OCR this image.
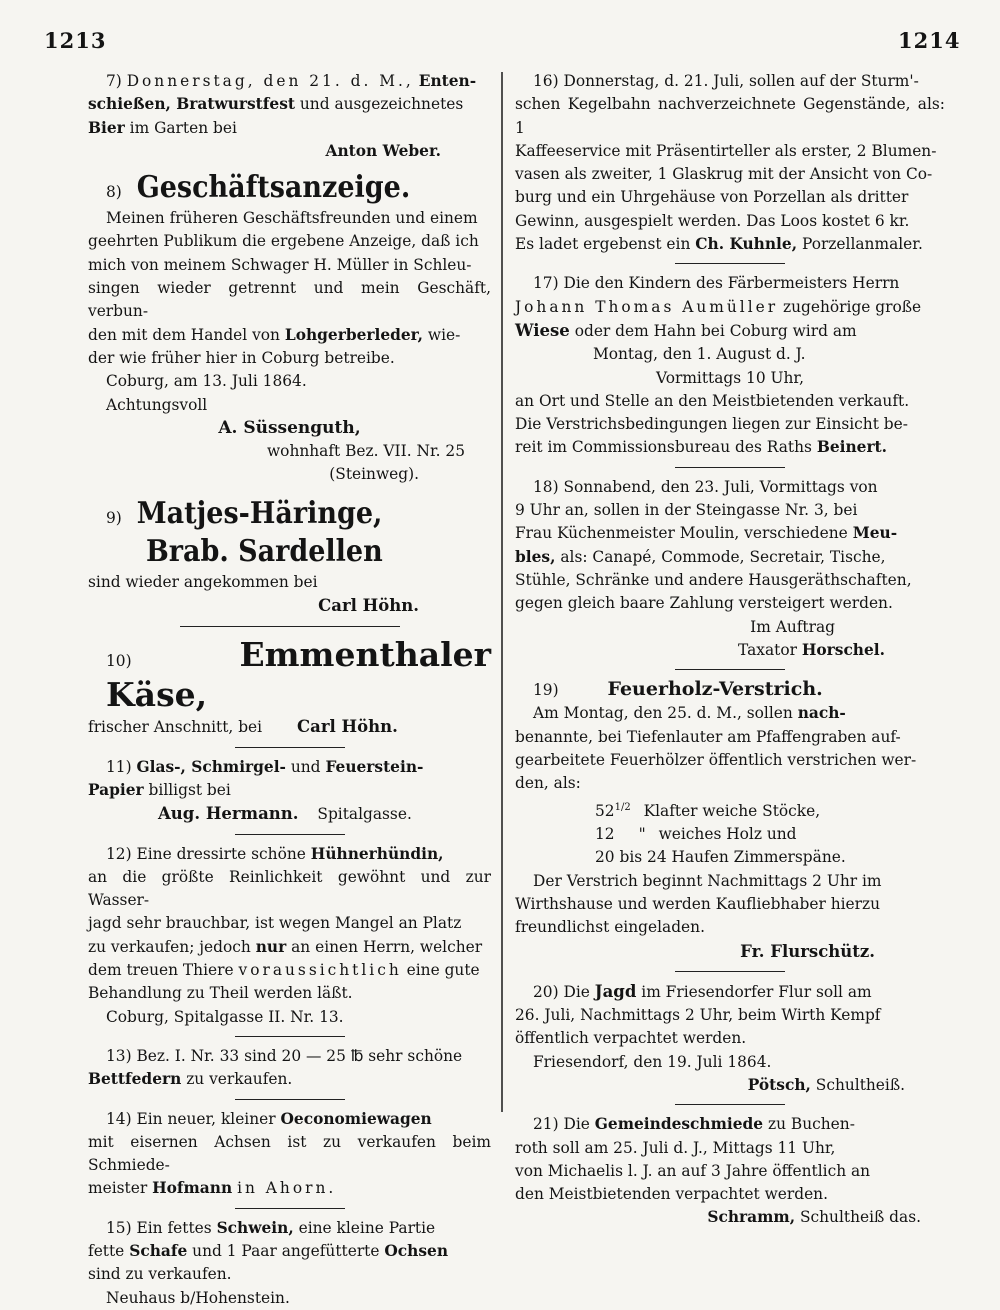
1213	1214

7) Donnerstag, den 21. d. M., Enten-

schießen, Bratwurstfest und ausgezeichnetes

Bier im Garten bei

Anton Weber.

8) Geschäftsanzeige.

Meinen früheren Geschäftsfreunden und einem

geehrten Publikum die ergebene Anzeige, daß ich

mich von meinem Schwager H. Müller in Schleu-

singen wieder getrennt und mein Geschäft, verbun-

den mit dem Handel von Lohgerberleder, wie-

der wie früher hier in Coburg betreibe.

Coburg, am 13. Juli 1864.

Achtungsvoll

A. Süssenguth,

wohnhaft Bez. VII. Nr. 25

(Steinweg).

9) Matjes-Häringe,

Brab. Sardellen

sind wieder angekommen bei

Carl Höhn.

10)	Emmenthaler Käse,

frischer Anschnitt, bei Carl Höhn.

11) Glas-, Schmirgel- und Feuerstein-

Papier billigst bei

Aug. Hermann. Spitalgasse.

12) Eine dressirte schöne Hühnerhündin,

an die größte Reinlichkeit gewöhnt und zur Wasser-

jagd sehr brauchbar, ist wegen Mangel an Platz

zu verkaufen; jedoch nur an einen Herrn, welcher

dem treuen Thiere voraussichtlich eine gute

Behandlung zu Theil werden läßt.

Coburg, Spitalgasse II. Nr. 13.

13) Bez. I. Nr. 33 sind 20 — 25 ℔ sehr schöne

Bettfedern zu verkaufen.

14) Ein neuer, kleiner Oeconomiewagen

mit eisernen Achsen ist zu verkaufen beim Schmiede-

meister Hofmann in Ahorn.

15) Ein fettes Schwein, eine kleine Partie

fette Schafe und 1 Paar angefütterte Ochsen

sind zu verkaufen.

Neuhaus b/Hohenstein.

16) Donnerstag, d. 21. Juli, sollen auf der Sturm'-

schen Kegelbahn nachverzeichnete Gegenstände, als: 1

Kaffeeservice mit Präsentirteller als erster, 2 Blumen-

vasen als zweiter, 1 Glaskrug mit der Ansicht von Co-

burg und ein Uhrgehäuse von Porzellan als dritter

Gewinn, ausgespielt werden. Das Loos kostet 6 kr.

Es ladet ergebenst ein Ch. Kuhnle, Porzellanmaler.

17) Die den Kindern des Färbermeisters Herrn

Johann Thomas Aumüller zugehörige große

Wiese oder dem Hahn bei Coburg wird am

Montag, den 1. August d. J.

Vormittags 10 Uhr,

an Ort und Stelle an den Meistbietenden verkauft.

Die Verstrichsbedingungen liegen zur Einsicht be-

reit im Commissionsbureau des Raths Beinert.

18) Sonnabend, den 23. Juli, Vormittags von

9 Uhr an, sollen in der Steingasse Nr. 3, bei

Frau Küchenmeister Moulin, verschiedene Meu-

bles, als: Canapé, Commode, Secretair, Tische,

Stühle, Schränke und andere Hausgeräthschaften,

gegen gleich baare Zahlung versteigert werden.

Im Auftrag

Taxator Horschel.

19)	Feuerholz-Verstrich.

Am Montag, den 25. d. M., sollen nach-

benannte, bei Tiefenlauter am Pfaffengraben auf-

gearbeitete Feuerhölzer öffentlich verstrichen wer-

den, als:

$52^{1/2}$ Klafter weiche Stöcke,

12 " weiches Holz und

20 bis 24 Haufen Zimmerspäne.

Der Verstrich beginnt Nachmittags 2 Uhr im

Wirthshause und werden Kaufliebhaber hierzu

freundlichst eingeladen.

Fr. Flurschütz.

20) Die Jagd im Friesendorfer Flur soll am

26. Juli, Nachmittags 2 Uhr, beim Wirth Kempf

öffentlich verpachtet werden.

Friesendorf, den 19. Juli 1864.

Pötsch, Schultheiß.

21) Die Gemeindeschmiede zu Buchen-

roth soll am 25. Juli d. J., Mittags 11 Uhr,

von Michaelis l. J. an auf 3 Jahre öffentlich an

den Meistbietenden verpachtet werden.

Schramm, Schultheiß das.
